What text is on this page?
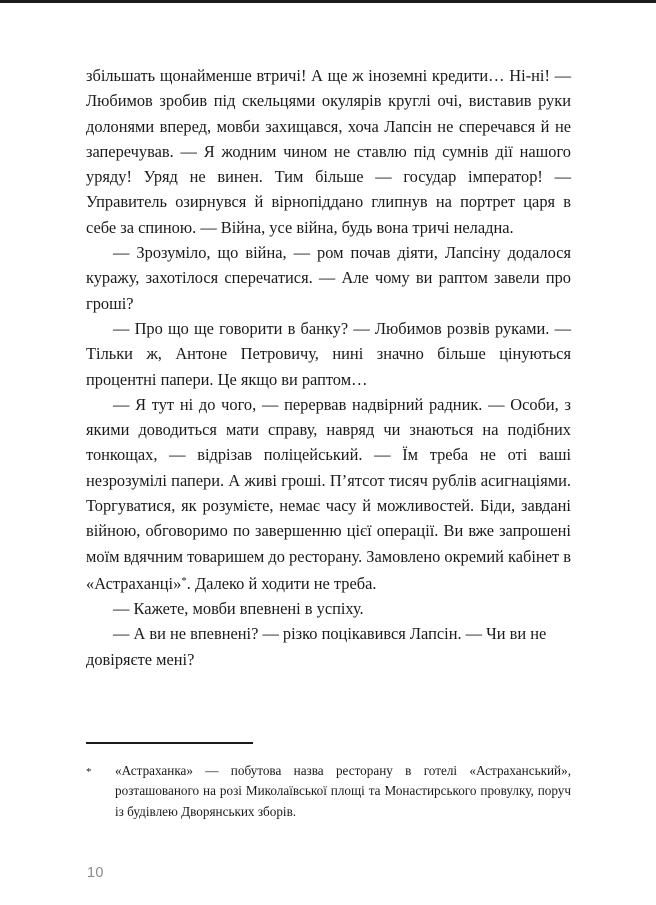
збільшать щонайменше втричі! А ще ж іноземні кредити… Ні-ні! — Любимов зробив під скельцями окулярів круглі очі, виставив руки долонями вперед, мовби захищався, хоча Лапсін не сперечався й не заперечував. — Я жодним чином не ставлю під сумнів дії нашого уряду! Уряд не винен. Тим більше — государ імператор! — Управитель озирнувся й вірнопіддано глипнув на портрет царя в себе за спиною. — Війна, усе війна, будь вона тричі неладна.

— Зрозуміло, що війна, — ром почав діяти, Лапсіну додалося куражу, захотілося сперечатися. — Але чому ви раптом завели про гроші?

— Про що ще говорити в банку? — Любимов розвів руками. — Тільки ж, Антоне Петровичу, нині значно більше цінуються процентні папери. Це якщо ви раптом…

— Я тут ні до чого, — перервав надвірний радник. — Особи, з якими доводиться мати справу, навряд чи знаються на подібних тонкощах, — відрізав поліцейський. — Їм треба не оті ваші незрозумілі папери. А живі гроші. П’ятсот тисяч рублів асигнаціями. Торгуватися, як розумієте, немає часу й можливостей. Біди, завдані війною, обговоримо по завершенню цієї операції. Ви вже запрошені моїм вдячним товаришем до ресторану. Замовлено окремий кабінет в «Астраханці»*. Далеко й ходити не треба.

— Кажете, мовби впевнені в успіху.

— А ви не впевнені? — різко поцікавився Лапсін. — Чи ви не довіряєте мені?

*	«Астраханка» — побутова назва ресторану в готелі «Астраханський», розташованого на розі Миколаївської площі та Монастирського провулку, поруч із будівлею Дворянських зборів.
10
